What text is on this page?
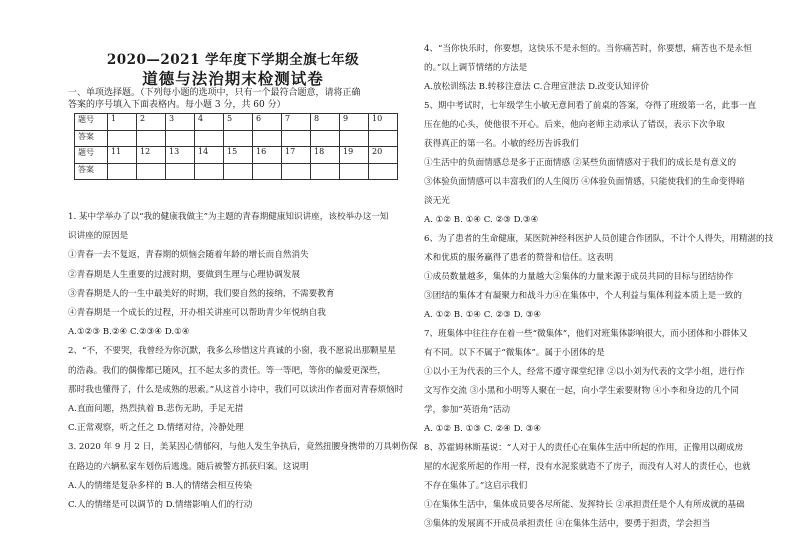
2020—2021 学年度下学期全旗七年级
道德与法治期末检测试卷
一、单项选择题。（下列每小题的选项中，只有一个最符合题意，请将正确
答案的序号填入下面表格内。每小题 3 分，共 60 分）
题号	1	2	3	4	5	6	7	8	9	10
答案										
题号	11	12	13	14	15	16	17	18	19	20
答案										
1. 某中学举办了以“我的健康我做主”为主题的青春期健康知识讲座，该校举办这一知
识讲座的原因是
①青春一去不复返，青春期的烦恼会随着年龄的增长而自然消失
②青春期是人生重要的过渡时期，要做到生理与心理协调发展
③青春期是人的一生中最美好的时期，我们要自然的接纳，不需要教育
④青春期是一个成长的过程，开办相关讲座可以帮助青少年悦纳自我
A.①②③ B.②④ C.②③④ D.①④
2、“不，不要哭，我曾经为你沉默，我多么珍惜这片真诚的小窗，我不愿说出那颗星星
的浩淼。我们的偶像都已随风，扛不起太多的责任。等一等吧，等你的偏爱更深些，
那时我也懂得了，什么是成熟的思索。”从这首小诗中，我们可以读出作者面对青春烦恼时
A.直面问题，热烈执着 B.悲伤无助，手足无措
C.正常观察，听之任之 D.情绪对待，冷静处理
3. 2020 年 9 月 2 日，美某因心情郁闷，与他人发生争执后，竟然扭腰身携带的刀具刺伤保
在路边的六辆私家车划伤后逃逸。随后被警方抓获归案。这说明
A.人的情绪是复杂多样的 B.人的情绪会相互传染
C.人的情绪是可以调节的 D.情绪影响人们的行动
4、“当你快乐时，你要想，这快乐不是永恒的。当你痛苦时，你要想，痛苦也不是永恒
的。”以上调节情绪的方法是
A.放松训练法 B.转移注意法 C.合理宣泄法 D.改变认知评价
5、期中考试时，七年级学生小敏无意间看了前桌的答案，夺得了班级第一名，此事一直
压在他的心头，使他很不开心。后来，他向老师主动承认了错误，表示下次争取
获得真正的第一名。小敏的经历告诉我们
①生活中的负面情感总是多于正面情感 ②某些负面情感对于我们的成长是有意义的
③体验负面情感可以丰富我们的人生阅历 ④体验负面情感，只能使我们的生命变得暗
淡无光
A. ①② B. ①④ C. ②③ D.③④
6、为了患者的生命健康，某医院神经科医护人员创建合作团队，不计个人得失，用精湛的技
术和优质的服务赢得了患者的赞誉和信任。这表明
①成员数量越多，集体的力量越大②集体的力量来源于成员共同的目标与团结协作
③团结的集体才有凝聚力和战斗力④在集体中，个人利益与集体利益本质上是一致的
A. ①② B. ①④ C. ②③ D. ③④
7、班集体中往往存在着一些“微集体”，他们对班集体影响很大，而小团体和小群体又
有不同。以下不属于“微集体”。属于小团体的是
①以小王为代表的三个人，经常不遵守课堂纪律 ②以小刘为代表的文学小组，进行作
文写作交流 ③小黑和小明等人聚在一起，向小学生索要财物 ④小李和身边的几个同
学，参加“英语角”活动
A. ①② B. ①③ C. ②④ D. ③④
8、苏霍姆林斯基说：“人对于人的责任心在集体生活中所起的作用，正像用以砌成房
屋的水泥浆所起的作用一样，没有水泥浆就造不了房子，而没有人对人的责任心，也就
不存在集体了。”这启示我们
①在集体生活中，集体成员要各尽所能、发挥特长 ②承担责任是个人有所成就的基础
③集体的发展离不开成员承担责任 ④在集体生活中，要勇于担责，学会担当
